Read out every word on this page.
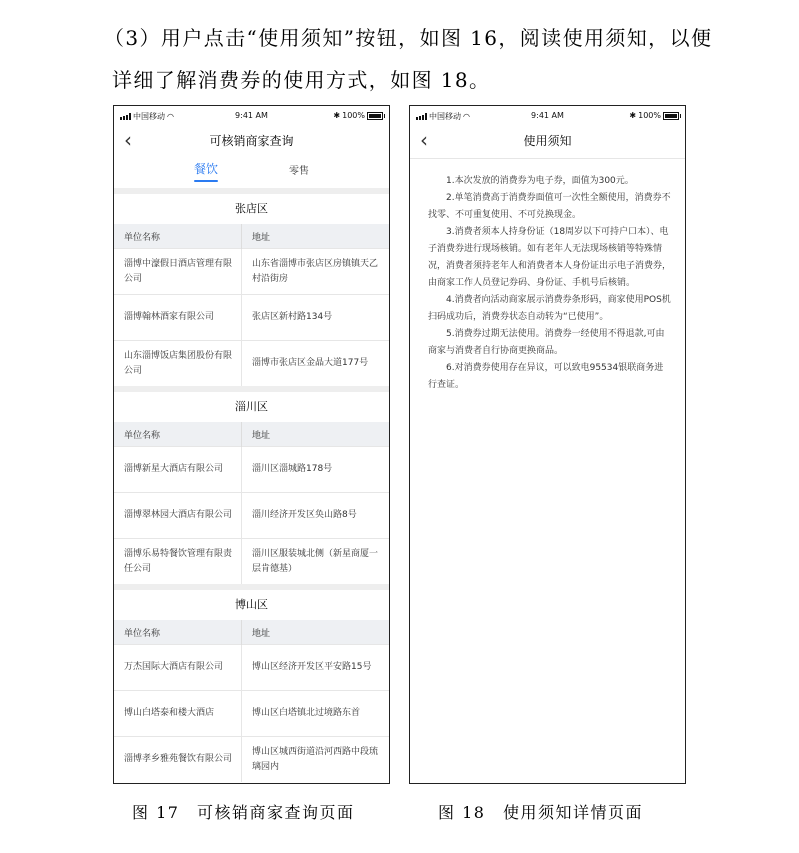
（3）用户点击“使用须知”按钮，如图 16，阅读使用须知，以便
详细了解消费券的使用方式，如图 18。
中国移动 ◠	9:41 AM	✱ 100%
‹	可核销商家查询
餐饮	零售
张店区
单位名称	地址
淄博中濠假日酒店管理有限公司	山东省淄博市张店区房镇镇天乙村沿街房
淄博翰林酒家有限公司	张店区新村路134号
山东淄博饭店集团股份有限公司	淄博市张店区金晶大道177号
淄川区
单位名称	地址
淄博新星大酒店有限公司	淄川区淄城路178号
淄博翠林园大酒店有限公司	淄川经济开发区奂山路8号
淄博乐易特餐饮管理有限责任公司	淄川区服装城北侧（新星商厦一层肯德基）
博山区
单位名称	地址
万杰国际大酒店有限公司	博山区经济开发区平安路15号
博山白塔泰和楼大酒店	博山区白塔镇北过境路东首
淄博孝乡雅苑餐饮有限公司	博山区城西街道沿河西路中段琉璃园内
中国移动 ◠	9:41 AM	✱ 100%
‹	使用须知

1.本次发放的消费券为电子券，面值为300元。

2.单笔消费高于消费券面值可一次性全额使用，消费券不找零、不可重复使用、不可兑换现金。

3.消费者须本人持身份证（18周岁以下可持户口本）、电子消费券进行现场核销。如有老年人无法现场核销等特殊情况，消费者须持老年人和消费者本人身份证出示电子消费券，由商家工作人员登记券码、身份证、手机号后核销。

4.消费者向活动商家展示消费券条形码，商家使用POS机扫码成功后，消费券状态自动转为“已使用”。

5.消费券过期无法使用。消费券一经使用不得退款,可由商家与消费者自行协商更换商品。

6.对消费券使用存在异议，可以致电95534银联商务进行查证。

图 17　可核销商家查询页面	图 18　使用须知详情页面
